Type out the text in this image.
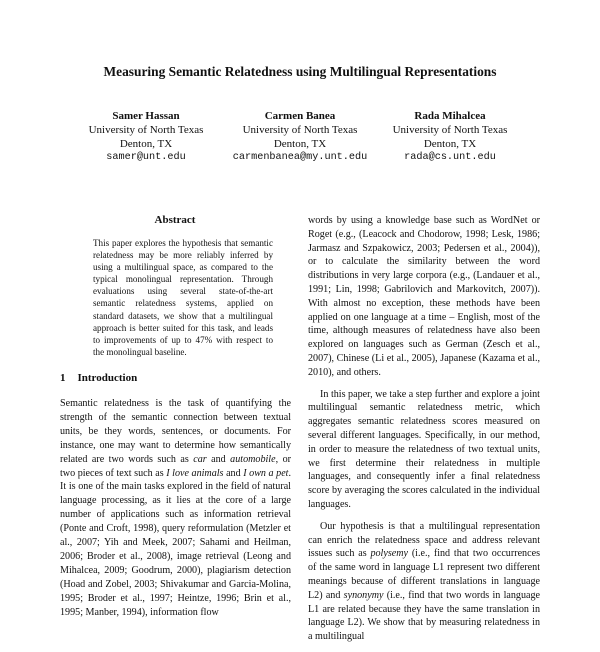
Measuring Semantic Relatedness using Multilingual Representations
Samer Hassan
University of North Texas
Denton, TX
samer@unt.edu
Carmen Banea
University of North Texas
Denton, TX
carmenbanea@my.unt.edu
Rada Mihalcea
University of North Texas
Denton, TX
rada@cs.unt.edu
Abstract
This paper explores the hypothesis that semantic relatedness may be more reliably inferred by using a multilingual space, as compared to the typical monolingual representation. Through evaluations using several state-of-the-art semantic relatedness systems, applied on standard datasets, we show that a multilingual approach is better suited for this task, and leads to improvements of up to 47% with respect to the monolingual baseline.
1 Introduction

Semantic relatedness is the task of quantifying the strength of the semantic connection between textual units, be they words, sentences, or documents. For instance, one may want to determine how semantically related are two words such as car and automobile, or two pieces of text such as I love animals and I own a pet. It is one of the main tasks explored in the field of natural language processing, as it lies at the core of a large number of applications such as information retrieval (Ponte and Croft, 1998), query reformulation (Metzler et al., 2007; Yih and Meek, 2007; Sahami and Heilman, 2006; Broder et al., 2008), image retrieval (Leong and Mihalcea, 2009; Goodrum, 2000), plagiarism detection (Hoad and Zobel, 2003; Shivakumar and Garcia-Molina, 1995; Broder et al., 1997; Heintze, 1996; Brin et al., 1995; Manber, 1994), information flow

words by using a knowledge base such as WordNet or Roget (e.g., (Leacock and Chodorow, 1998; Lesk, 1986; Jarmasz and Szpakowicz, 2003; Pedersen et al., 2004)), or to calculate the similarity between the word distributions in very large corpora (e.g., (Landauer et al., 1991; Lin, 1998; Gabrilovich and Markovitch, 2007)). With almost no exception, these methods have been applied on one language at a time – English, most of the time, although measures of relatedness have also been explored on languages such as German (Zesch et al., 2007), Chinese (Li et al., 2005), Japanese (Kazama et al., 2010), and others.

In this paper, we take a step further and explore a joint multilingual semantic relatedness metric, which aggregates semantic relatedness scores measured on several different languages. Specifically, in our method, in order to measure the relatedness of two textual units, we first determine their relatedness in multiple languages, and consequently infer a final relatedness score by averaging the scores calculated in the individual languages.

Our hypothesis is that a multilingual representation can enrich the relatedness space and address relevant issues such as polysemy (i.e., find that two occurrences of the same word in language L1 represent two different meanings because of different translations in language L2) and synonymy (i.e., find that two words in language L1 are related because they have the same translation in language L2). We show that by measuring relatedness in a multilingual
